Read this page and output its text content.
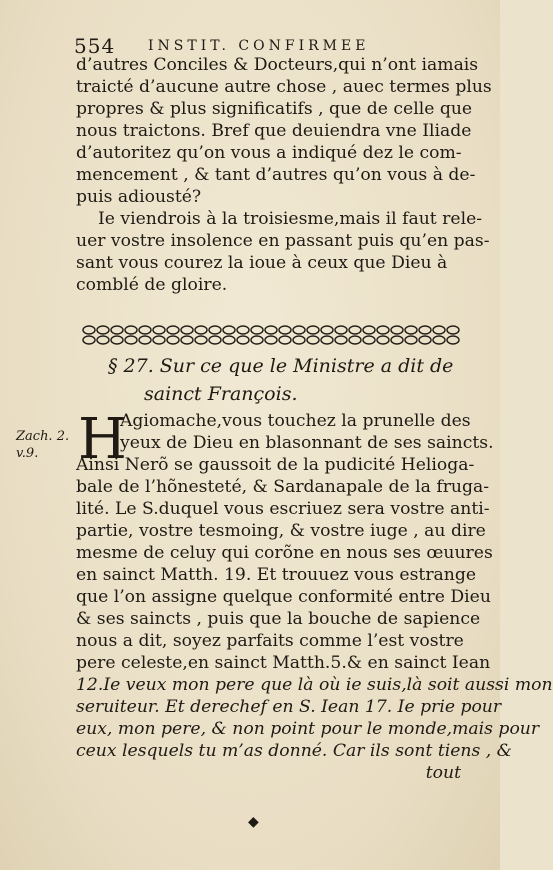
554 INSTIT. CONFIRMEE
d’autres Conciles & Docteurs,qui n’ont iamais
traicté d’aucune autre chose , auec termes plus
propres & plus significatifs , que de celle que
nous traictons. Bref que deuiendra vne Iliade
d’autoritez qu’on vous a indiqué dez le com-
mencement , & tant d’autres qu’on vous à de-
puis adiousté?
Ie viendrois à la troisiesme,mais il faut rele-
uer vostre insolence en passant puis qu’en pas-
sant vous courez la ioue à ceux que Dieu à
comblé de gloire.
§ 27. Sur ce que le Ministre a dit de
sainct François.
Zach. 2.
v.9. H
Agiomache,vous touchez la prunelle des
yeux de Dieu en blasonnant de ses saincts.
Ainsi Nerõ se gaussoit de la pudicité Helioga-
bale de l’hõnesteté, & Sardanapale de la fruga-
lité. Le S.duquel vous escriuez sera vostre anti-
partie, vostre tesmoing, & vostre iuge , au dire
mesme de celuy qui corõne en nous ses œuures
en sainct Matth. 19. Et trouuez vous estrange
que l’on assigne quelque conformité entre Dieu
& ses saincts , puis que la bouche de sapience
nous a dit, soyez parfaits comme l’est vostre
pere celeste,en sainct Matth.5.& en sainct Iean
12.Ie veux mon pere que là où ie suis,là soit aussi mon
seruiteur. Et derechef en S. Iean 17. Ie prie pour
eux, mon pere, & non point pour le monde,mais pour
ceux lesquels tu m’as donné. Car ils sont tiens , &
tout
◆
